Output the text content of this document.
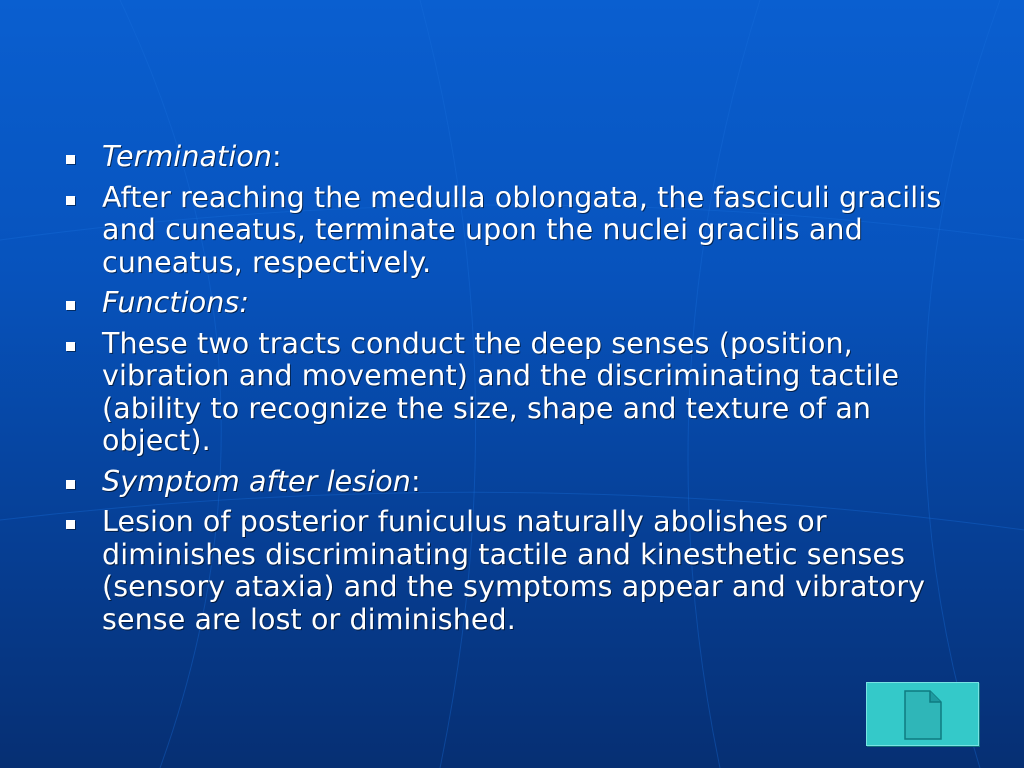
Termination:
After reaching the medulla oblongata, the fasciculi gracilis and cuneatus, terminate upon the nuclei gracilis and cuneatus, respectively.
Functions:
These two tracts conduct the deep senses (position, vibration and movement) and the discriminating tactile (ability to recognize the size, shape and texture of an object).
Symptom after lesion:
Lesion of posterior funiculus naturally abolishes or diminishes discriminating tactile and kinesthetic senses (sensory ataxia) and the symptoms appear and vibratory sense are lost or diminished.
